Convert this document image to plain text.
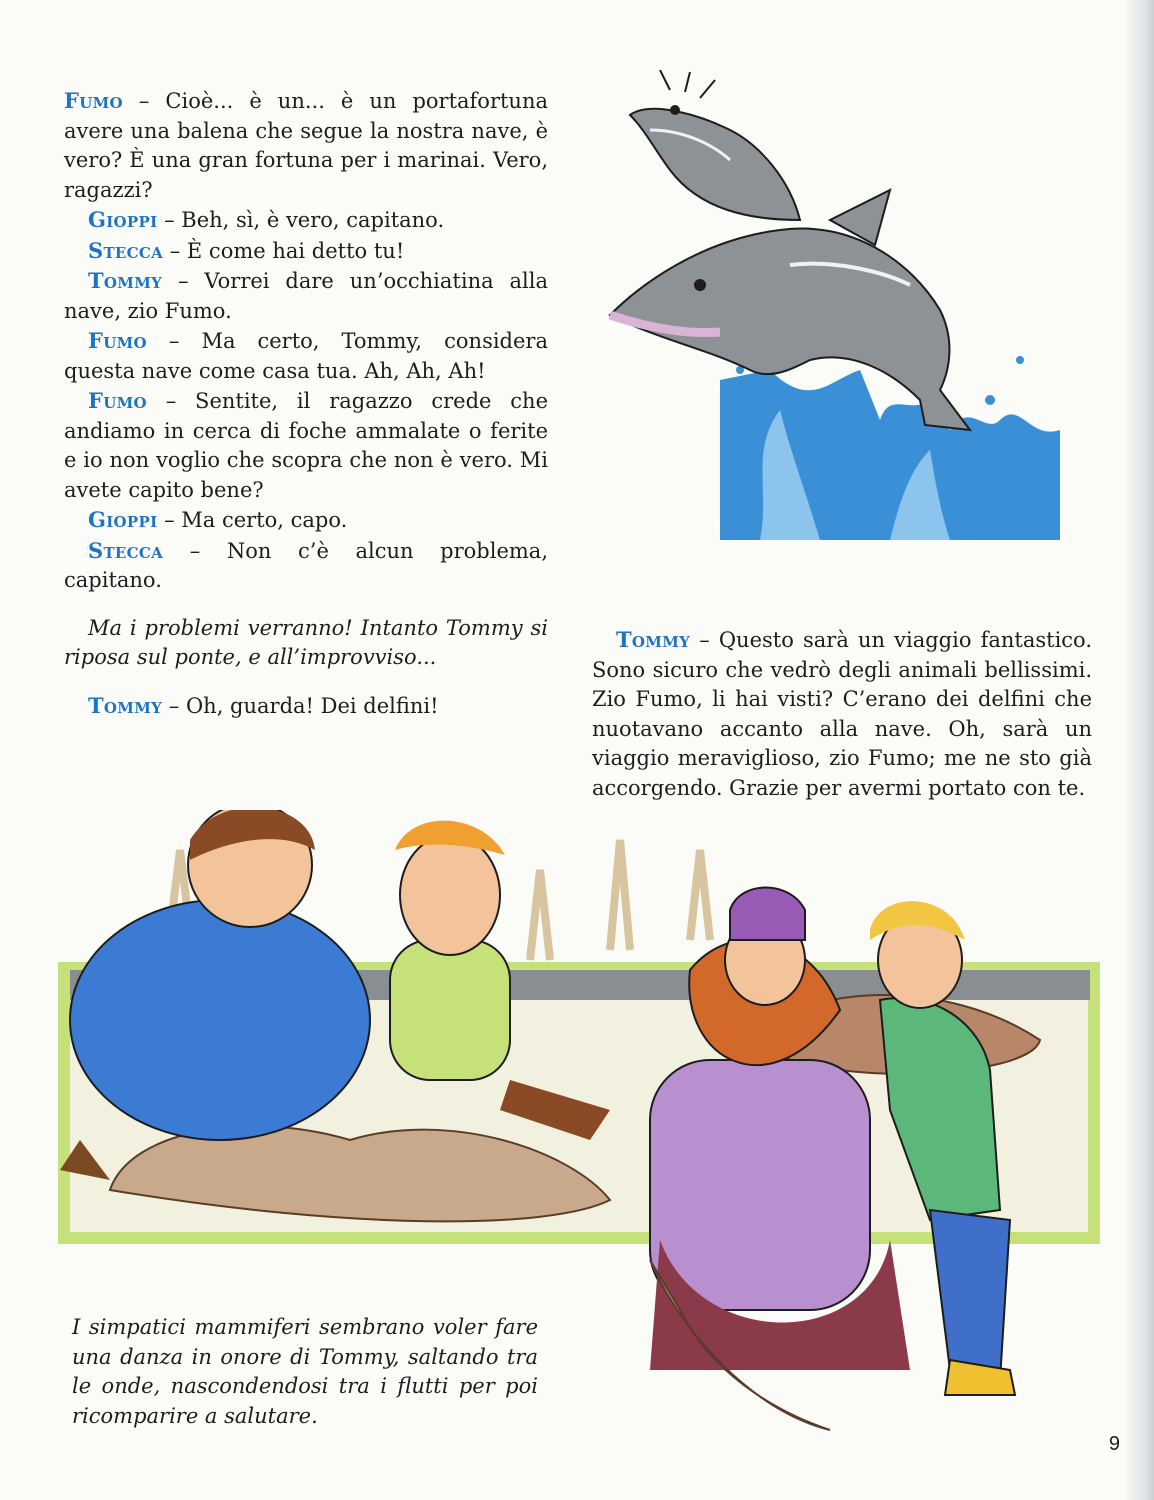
Fumo – Cioè... è un... è un portafortuna avere una balena che segue la nostra nave, è vero? È una gran fortuna per i marinai. Vero, ragazzi?

Gioppi – Beh, sì, è vero, capitano.

Stecca – È come hai detto tu!

Tommy – Vorrei dare un’occhiatina alla nave, zio Fumo.

Fumo – Ma certo, Tommy, considera questa nave come casa tua. Ah, Ah, Ah!

Fumo – Sentite, il ragazzo crede che andiamo in cerca di foche ammalate o ferite e io non voglio che scopra che non è vero. Mi avete capito bene?

Gioppi – Ma certo, capo.

Stecca – Non c’è alcun problema, capitano.

Ma i problemi verranno! Intanto Tommy si riposa sul ponte, e all’improvviso...

Tommy – Oh, guarda! Dei delfini!

Tommy – Questo sarà un viaggio fantastico. Sono sicuro che vedrò degli animali bellissimi. Zio Fumo, li hai visti? C’erano dei delfini che nuotavano accanto alla nave. Oh, sarà un viaggio meraviglioso, zio Fumo; me ne sto già accorgendo. Grazie per avermi portato con te.

I simpatici mammiferi sembrano voler fare una danza in onore di Tommy, saltando tra le onde, nascondendosi tra i flutti per poi ricomparire a salutare.

9
